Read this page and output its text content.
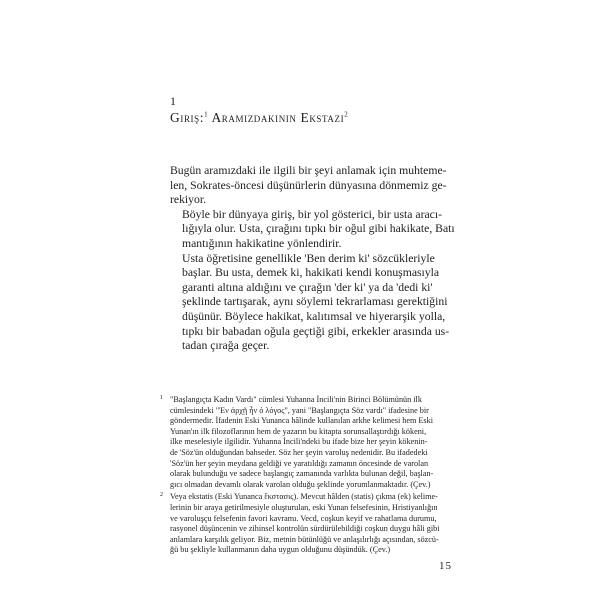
1
Giriş:$^1$ Aramızdakinin Ekstazı$^2$

Bugün aramızdaki ile ilgili bir şeyi anlamak için muhteme-
len, Sokrates-öncesi düşünürlerin dünyasına dönmemiz ge-
rekiyor.

Böyle bir dünyaya giriş, bir yol gösterici, bir usta aracı-
lığıyla olur. Usta, çırağını tıpkı bir oğul gibi hakikate, Batı
mantığının hakikatine yönlendirir.

Usta öğretisine genellikle 'Ben derim ki' sözcükleriyle
başlar. Bu usta, demek ki, hakikati kendi konuşmasıyla
garanti altına aldığını ve çırağın 'der ki' ya da 'dedi ki'
şeklinde tartışarak, aynı söylemi tekrarlaması gerektiğini
düşünür. Böylece hakikat, kalıtımsal ve hiyerarşik yolla,
tıpkı bir babadan oğula geçtiği gibi, erkekler arasında us-
tadan çırağa geçer.

1 "Başlangıçta Kadın Vardı" cümlesi Yuhanna İncili'nin Birinci Bölümünün ilk
cümlesindeki "Ἐν ἀρχῇ ἦν ὁ λόγος", yani "Başlangıçta Söz vardı" ifadesine bir
göndermedir. İfadenin Eski Yunanca hâlinde kullanılan arkhe kelimesi hem Eski
Yunan'ın ilk filozoflarının hem de yazarın bu kitapta sorunsallaştırdığı kökeni,
ilke meselesiyle ilgilidir. Yuhanna İncili'ndeki bu ifade bize her şeyin kökenin-
de 'Söz'ün olduğundan bahseder. Söz her şeyin varoluş nedenidir. Bu ifadedeki
'Söz'ün her şeyin meydana geldiği ve yaratıldığı zamanın öncesinde de varolan
olarak bulunduğu ve sadece başlangıç zamanında varlıkta bulunan değil, başlan-
gıcı olmadan devamlı olarak varolan olduğu şeklinde yorumlanmaktadır. (Çev.)
2 Veya ekstatis (Eski Yunanca ἔκστασις). Mevcut hâlden (statis) çıkma (ek) kelime-
lerinin bir araya getirilmesiyle oluşturulan, eski Yunan felsefesinin, Hristiyanlığın
ve varoluşçu felsefenin favori kavramı. Vecd, coşkun keyif ve rahatlama durumu,
rasyonel düşüncenin ve zihinsel kontrolün sürdürülebildiği coşkun duygu hâli gibi
anlamlara karşılık geliyor. Biz, metnin bütünlüğü ve anlaşılırlığı açısından, sözcü-
ğü bu şekliyle kullanmanın daha uygun olduğunu düşündük. (Çev.)
15
